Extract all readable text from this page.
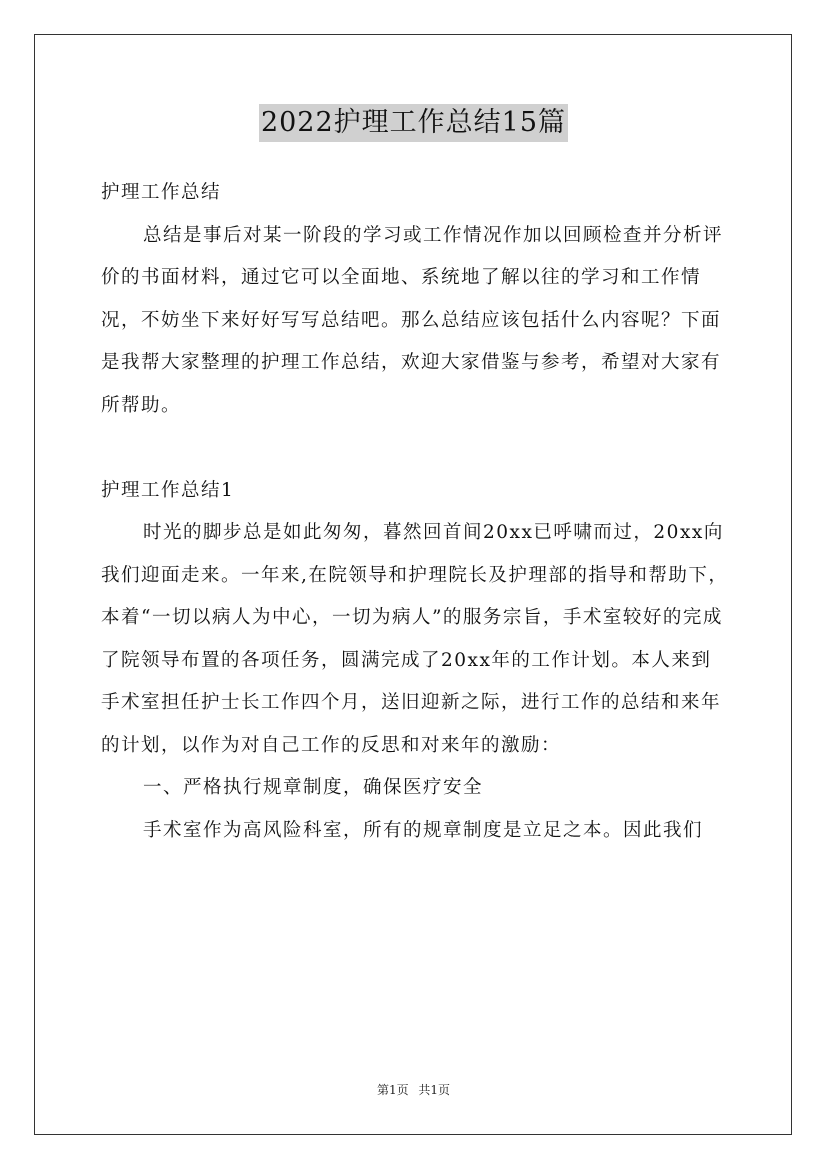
2022护理工作总结15篇

护理工作总结

总结是事后对某一阶段的学习或工作情况作加以回顾检查并分析评价的书面材料，通过它可以全面地、系统地了解以往的学习和工作情况，不妨坐下来好好写写总结吧。那么总结应该包括什么内容呢？下面是我帮大家整理的护理工作总结，欢迎大家借鉴与参考，希望对大家有所帮助。

护理工作总结1

时光的脚步总是如此匆匆，暮然回首间20xx已呼啸而过，20xx向我们迎面走来。一年来,在院领导和护理院长及护理部的指导和帮助下，本着“一切以病人为中心，一切为病人”的服务宗旨，手术室较好的完成了院领导布置的各项任务，圆满完成了20xx年的工作计划。本人来到手术室担任护士长工作四个月，送旧迎新之际，进行工作的总结和来年的计划，以作为对自己工作的反思和对来年的激励：

一、严格执行规章制度，确保医疗安全

手术室作为高风险科室，所有的规章制度是立足之本。因此我们

第1页 共1页
